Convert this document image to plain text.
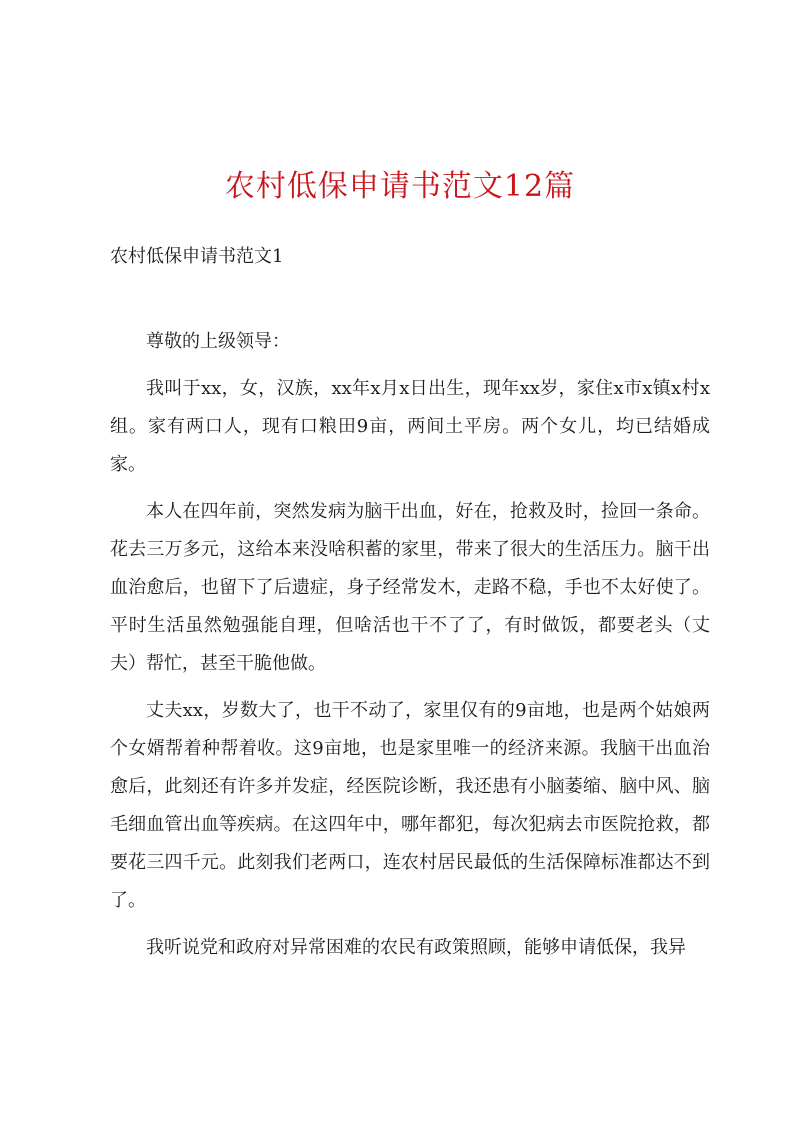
农村低保申请书范文12篇
农村低保申请书范文1

尊敬的上级领导：

我叫于xx，女，汉族，xx年x月x日出生，现年xx岁，家住x市x镇x村x组。家有两口人，现有口粮田9亩，两间土平房。两个女儿，均已结婚成家。

本人在四年前，突然发病为脑干出血，好在，抢救及时，捡回一条命。花去三万多元，这给本来没啥积蓄的家里，带来了很大的生活压力。脑干出血治愈后，也留下了后遗症，身子经常发木，走路不稳，手也不太好使了。平时生活虽然勉强能自理，但啥活也干不了了，有时做饭，都要老头（丈夫）帮忙，甚至干脆他做。

丈夫xx，岁数大了，也干不动了，家里仅有的9亩地，也是两个姑娘两个女婿帮着种帮着收。这9亩地，也是家里唯一的经济来源。我脑干出血治愈后，此刻还有许多并发症，经医院诊断，我还患有小脑萎缩、脑中风、脑毛细血管出血等疾病。在这四年中，哪年都犯，每次犯病去市医院抢救，都要花三四千元。此刻我们老两口，连农村居民最低的生活保障标准都达不到了。

我听说党和政府对异常困难的农民有政策照顾，能够申请低保，我异
